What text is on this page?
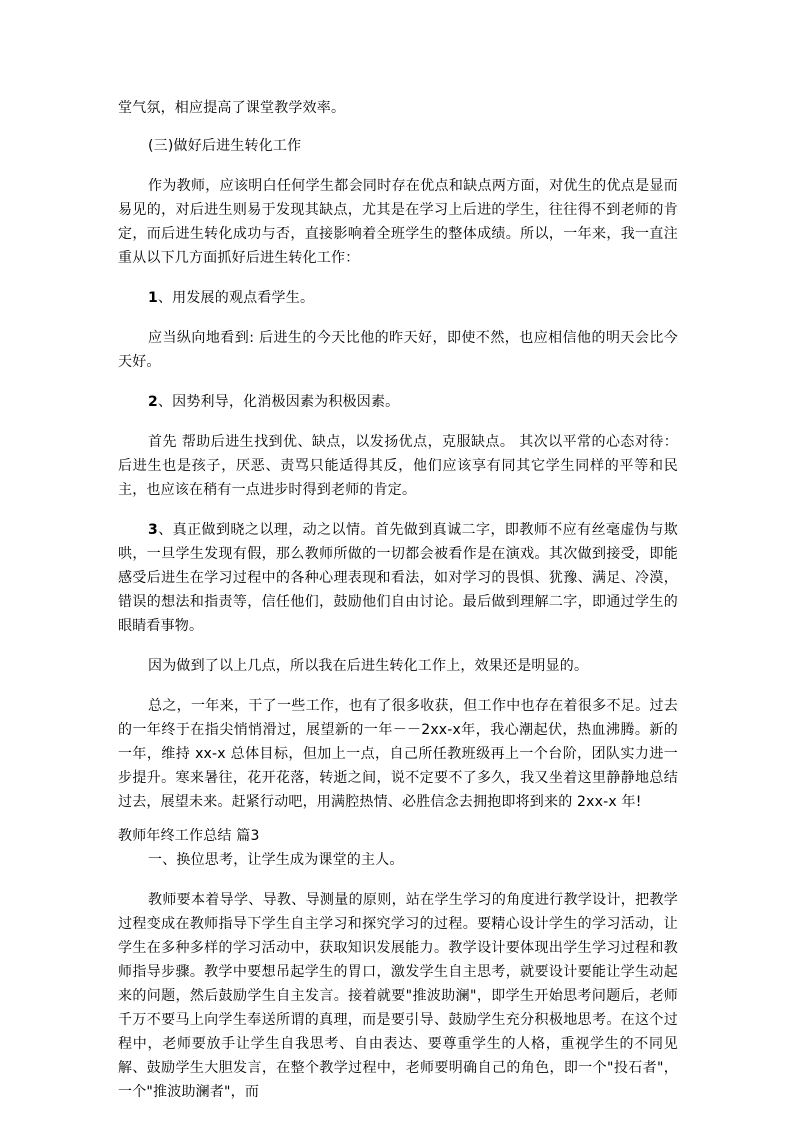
堂气氛，相应提高了课堂教学效率。

(三)做好后进生转化工作

作为教师，应该明白任何学生都会同时存在优点和缺点两方面，对优生的优点是显而易见的，对后进生则易于发现其缺点，尤其是在学习上后进的学生，往往得不到老师的肯定，而后进生转化成功与否，直接影响着全班学生的整体成绩。所以，一年来，我一直注重从以下几方面抓好后进生转化工作：

1、用发展的观点看学生。

应当纵向地看到: 后进生的今天比他的昨天好，即使不然，也应相信他的明天会比今天好。

2、因势利导，化消极因素为积极因素。

首先 帮助后进生找到优、缺点，以发扬优点，克服缺点。 其次以平常的心态对待：后进生也是孩子，厌恶、责骂只能适得其反，他们应该享有同其它学生同样的平等和民主，也应该在稍有一点进步时得到老师的肯定。

3、真正做到晓之以理，动之以情。首先做到真诚二字，即教师不应有丝毫虚伪与欺哄，一旦学生发现有假，那么教师所做的一切都会被看作是在演戏。其次做到接受，即能感受后进生在学习过程中的各种心理表现和看法，如对学习的畏惧、犹豫、满足、冷漠，错误的想法和指责等，信任他们，鼓励他们自由讨论。最后做到理解二字，即通过学生的眼睛看事物。

因为做到了以上几点，所以我在后进生转化工作上，效果还是明显的。

总之，一年来，干了一些工作，也有了很多收获，但工作中也存在着很多不足。过去的一年终于在指尖悄悄滑过，展望新的一年－－2xx-x年，我心潮起伏，热血沸腾。新的一年，维持 xx-x 总体目标，但加上一点，自己所任教班级再上一个台阶，团队实力进一步提升。寒来暑往，花开花落，转逝之间，说不定要不了多久，我又坐着这里静静地总结过去，展望未来。赶紧行动吧，用满腔热情、必胜信念去拥抱即将到来的 2xx-x 年!

教师年终工作总结 篇3

一、换位思考，让学生成为课堂的主人。

教师要本着导学、导教、导测量的原则，站在学生学习的角度进行教学设计，把教学过程变成在教师指导下学生自主学习和探究学习的过程。要精心设计学生的学习活动，让学生在多种多样的学习活动中，获取知识发展能力。教学设计要体现出学生学习过程和教师指导步骤。教学中要想吊起学生的胃口，激发学生自主思考，就要设计要能让学生动起来的问题，然后鼓励学生自主发言。接着就要"推波助澜"，即学生开始思考问题后，老师千万不要马上向学生奉送所谓的真理，而是要引导、鼓励学生充分积极地思考。在这个过程中，老师要放手让学生自我思考、自由表达、要尊重学生的人格，重视学生的不同见解、鼓励学生大胆发言，在整个教学过程中，老师要明确自己的角色，即一个"投石者"，一个"推波助澜者"，而
